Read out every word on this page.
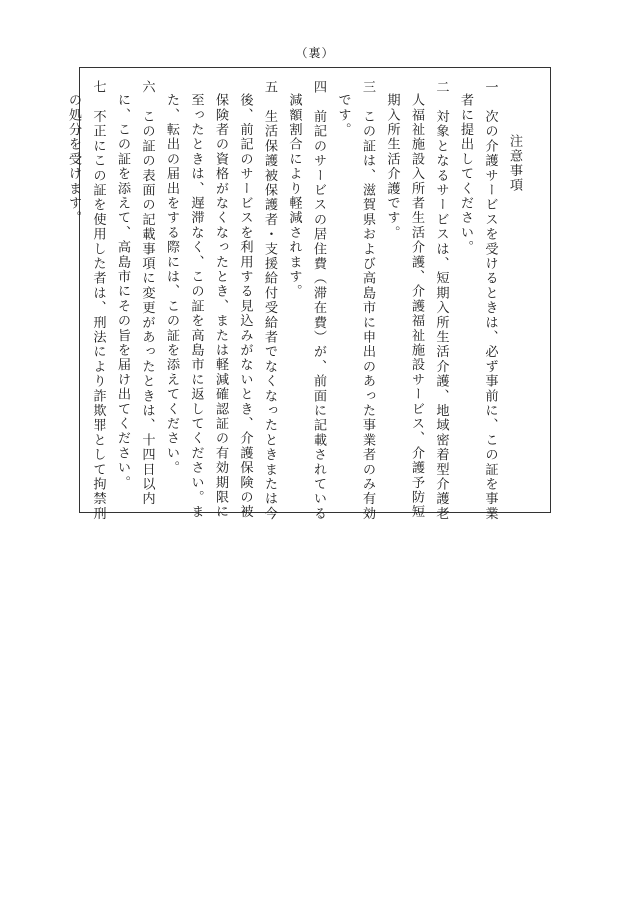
（裏）
注意事項
一　次の介護サービスを受けるときは、必ず事前に、この証を事業
者に提出してください。
二　対象となるサービスは、短期入所生活介護、地域密着型介護老
人福祉施設入所者生活介護、介護福祉施設サービス、介護予防短
期入所生活介護です。
三　この証は、滋賀県および高島市に申出のあった事業者のみ有効
です。
四　前記のサービスの居住費（滞在費）が、前面に記載されている
減額割合により軽減されます。
五　生活保護被保護者・支援給付受給者でなくなったときまたは今
後、前記のサービスを利用する見込みがないとき、介護保険の被
保険者の資格がなくなったとき、または軽減確認証の有効期限に
至ったときは、遅滞なく、この証を高島市に返してください。ま
た、転出の届出をする際には、この証を添えてください。
六　この証の表面の記載事項に変更があったときは、十四日以内
に、この証を添えて、高島市にその旨を届け出てください。
七　不正にこの証を使用した者は、刑法により詐欺罪として拘禁刑
の処分を受けます。
